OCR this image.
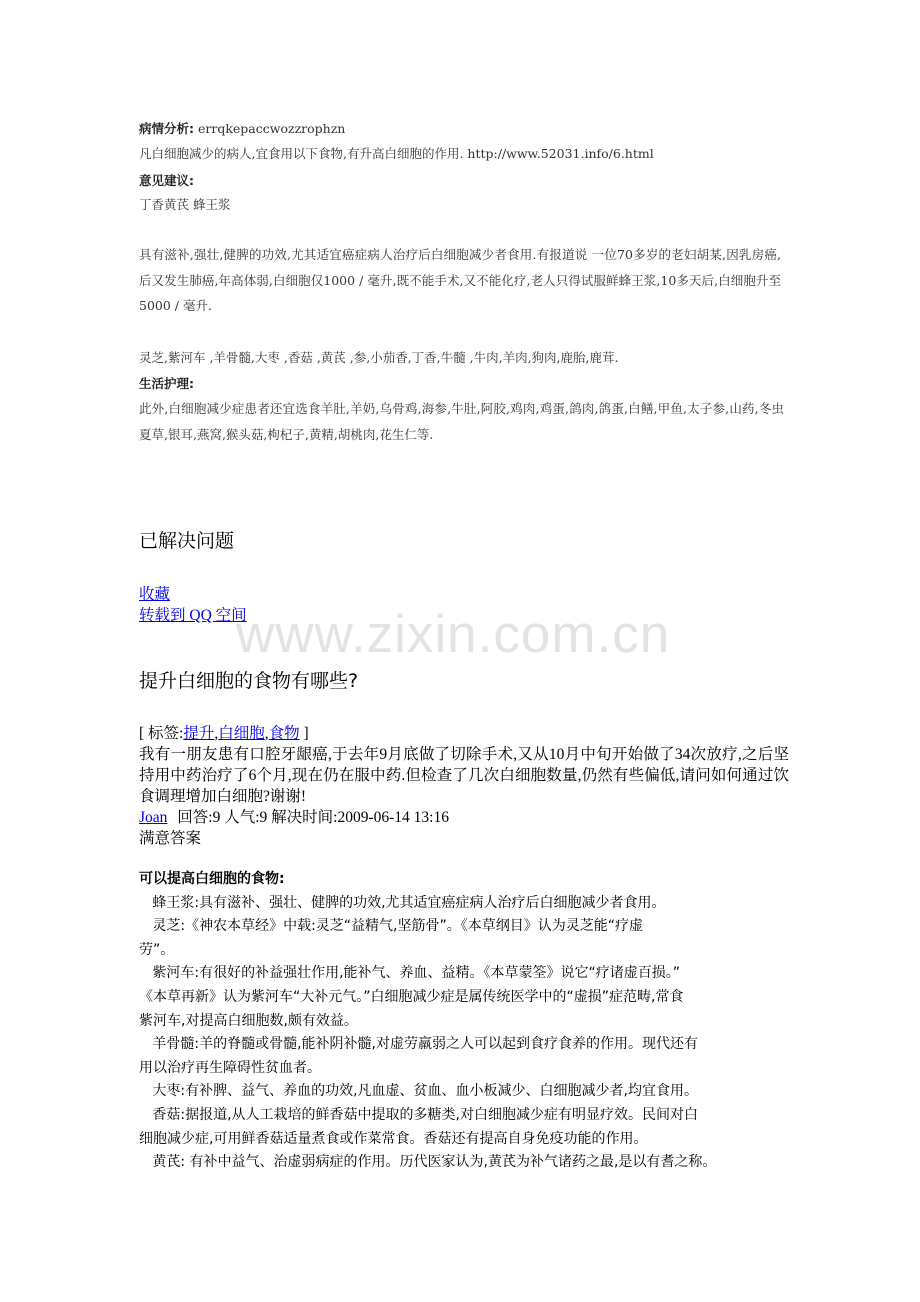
www.zixin.com.cn
病情分析: errqkepaccwozzrophzn
凡白细胞减少的病人,宜食用以下食物,有升高白细胞的作用. http://www.52031.info/6.html
意见建议:
丁香黄芪 蜂王浆
具有滋补,强壮,健脾的功效,尤其适宜癌症病人治疗后白细胞减少者食用.有报道说 一位70多岁的老妇胡某,因乳房癌,后又发生肺癌,年高体弱,白细胞仅1000 / 毫升,既不能手术,又不能化疗,老人只得试服鲜蜂王浆,10多天后,白细胞升至5000 / 毫升.
灵芝,紫河车 ,羊骨髓,大枣 ,香菇 ,黄芪 ,参,小茄香,丁香,牛髓 ,牛肉,羊肉,狗肉,鹿胎,鹿茸.
生活护理:
此外,白细胞减少症患者还宜选食羊肚,羊奶,乌骨鸡,海参,牛肚,阿胶,鸡肉,鸡蛋,鸽肉,鸽蛋,白鳝,甲鱼,太子参,山药,冬虫夏草,银耳,燕窝,猴头菇,枸杞子,黄精,胡桃肉,花生仁等.
已解决问题
收藏
转载到 QQ 空间
提升白细胞的食物有哪些?
[ 标签:提升,白细胞,食物 ]
我有一朋友患有口腔牙龈癌,于去年9月底做了切除手术,又从10月中旬开始做了34次放疗,之后坚持用中药治疗了6个月,现在仍在服中药.但检查了几次白细胞数量,仍然有些偏低,请问如何通过饮食调理增加白细胞?谢谢!
Joan 回答:9 人气:9 解决时间:2009-06-14 13:16
满意答案
可以提高白细胞的食物:
蜂王浆:具有滋补、强壮、健脾的功效,尤其适宜癌症病人治疗后白细胞减少者食用。
灵芝:《神农本草经》中载:灵芝“益精气,坚筋骨”。《本草纲目》认为灵芝能“疗虚
劳”。
紫河车:有很好的补益强壮作用,能补气、养血、益精。《本草蒙筌》说它“疗诸虚百损。”
《本草再新》认为紫河车“大补元气。”白细胞减少症是属传统医学中的“虚损”症范畴,常食
紫河车,对提高白细胞数,颇有效益。
羊骨髓:羊的脊髓或骨髓,能补阴补髓,对虚劳羸弱之人可以起到食疗食养的作用。现代还有
用以治疗再生障碍性贫血者。
大枣:有补脾、益气、养血的功效,凡血虚、贫血、血小板减少、白细胞减少者,均宜食用。
香菇:据报道,从人工栽培的鲜香菇中提取的多糖类,对白细胞减少症有明显疗效。民间对白
细胞减少症,可用鲜香菇适量煮食或作菜常食。香菇还有提高自身免疫功能的作用。
黄芪: 有补中益气、治虚弱病症的作用。历代医家认为,黄芪为补气诸药之最,是以有耆之称。
